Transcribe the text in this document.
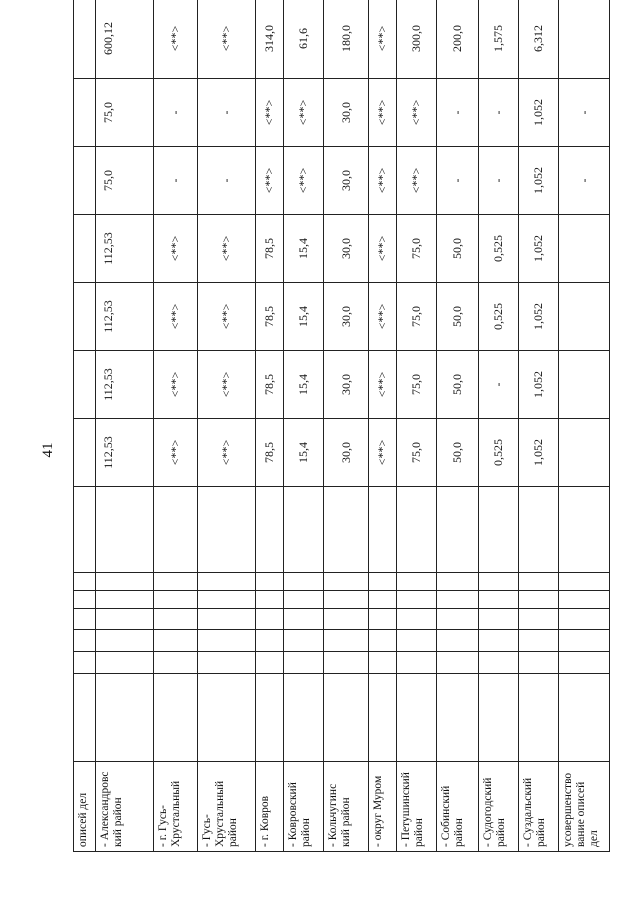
41
описей дел														
- Александровс кий район								112,53	112,53	112,53	112,53	75,0	75,0	600,12
- г. Гусь-Хрустальный								<**>	<**>	<**>	<**>	-	-	<**>
- Гусь-Хрустальный район								<**>	<**>	<**>	<**>	-	-	<**>
- г. Ковров								78,5	78,5	78,5	78,5	<**>	<**>	314,0
- Ковровский район								15,4	15,4	15,4	15,4	<**>	<**>	61,6
- Кольчугинс кий район								30,0	30,0	30,0	30,0	30,0	30,0	180,0
- округ Муром								<**>	<**>	<**>	<**>	<**>	<**>	<**>
- Петушинский район								75,0	75,0	75,0	75,0	<**>	<**>	300,0
- Собинский район								50,0	50,0	50,0	50,0	-	-	200,0
- Судогодский район								0,525	-	0,525	0,525	-	-	1,575
- Суздальский район								1,052	1,052	1,052	1,052	1,052	1,052	6,312
усовершенство вание описей дел												-	-	
